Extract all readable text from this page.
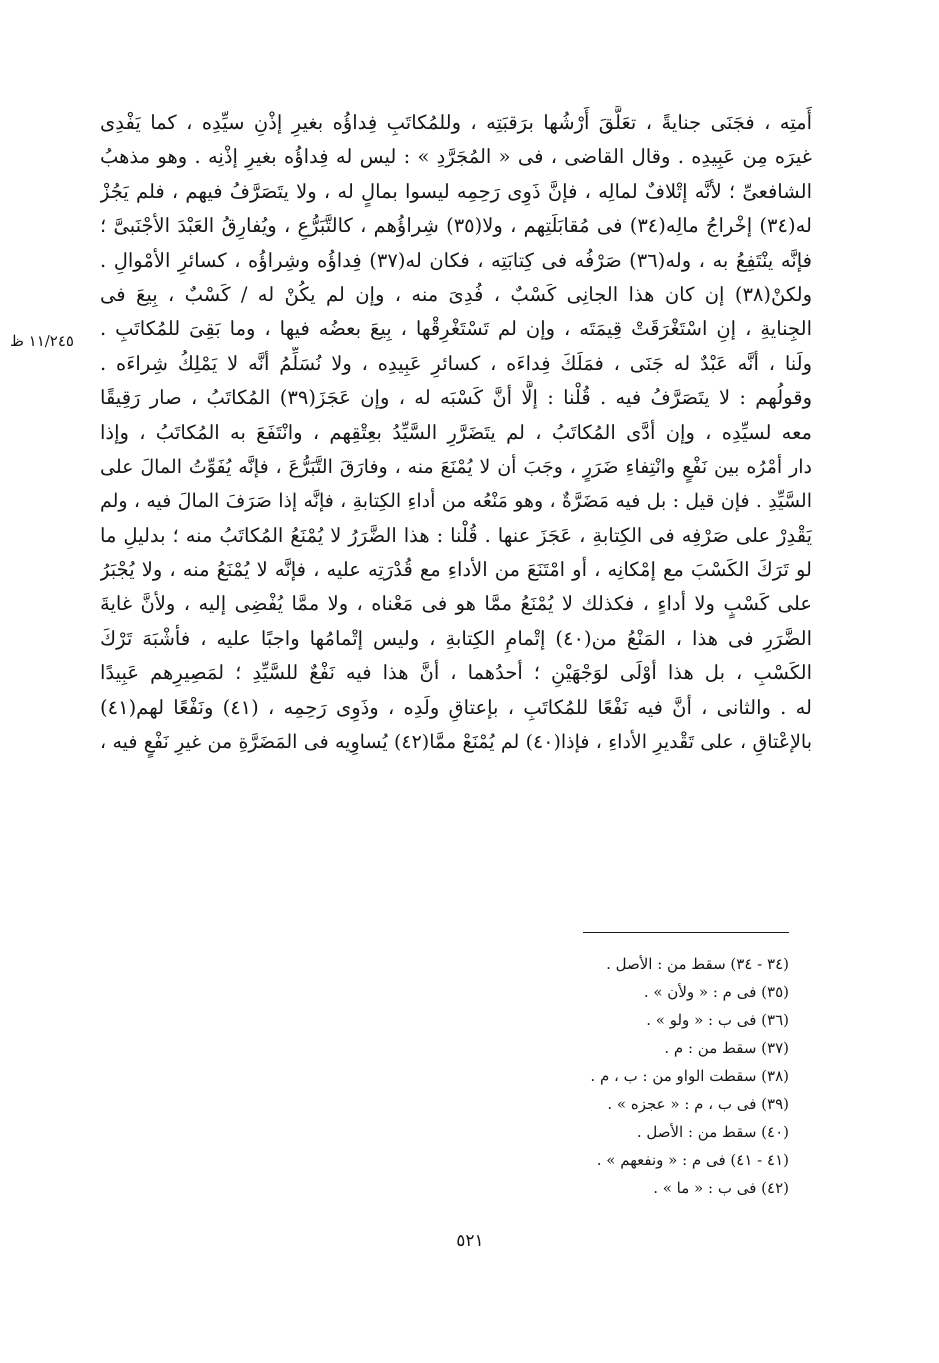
أَمتِه ، فجَنَى جنايةً ، تعَلَّقَ أَرْشُها برَقبَتِه ، وللمُكاتَبِ فِداؤُه بغيرِ إذْنِ سيِّدِه ، كما يَفْدِى
غيرَه مِن عَبِيدِه . وقال القاضى ، فى « المُجَرَّدِ » : ليس له فِداؤُه بغيرِ إذْنِه . وهو مذهبُ
الشافعىِّ ؛ لأنَّه إتْلافٌ لمالِه ، فإنَّ ذَوِى رَحِمِه ليسوا بمالٍ له ، ولا يتَصَرَّفُ فيهم ، فلم يَجُزْ
له(٣٤) إخْراجُ مالِه(٣٤) فى مُقابَلَتِهم ، ولا(٣٥) شِراؤُهم ، كالتَّبَرُّعِ ، ويُفارِقُ العَبْدَ الأجْنَبىَّ ؛
فإنَّه ينْتَفِعُ به ، وله(٣٦) صَرْفُه فى كِتابَتِه ، فكان له(٣٧) فِداؤُه وشِراؤُه ، كسائرِ الأمْوالِ .
ولكنْ(٣٨) إن كان هذا الجانِى كَسْبٌ ، فُدِىَ منه ، وإن لم يكُنْ له / كَسْبٌ ، بِيعَ فى
الجِنايةِ ، إنِ اسْتَغْرَقَتْ قِيمَتَه ، وإن لم تَسْتَغْرِقْها ، بِيعَ بعضُه فيها ، وما بَقِىَ للمُكاتَبِ .
ولَنا ، أنَّه عَبْدٌ له جَنَى ، فمَلَكَ فِداءَه ، كسائرِ عَبِيدِه ، ولا نُسَلِّمُ أنَّه لا يَمْلِكُ شِراءَه .
وقولُهم : لا يتَصَرَّفُ فيه . قُلْنا : إلَّا أنَّ كَسْبَه له ، وإن عَجَزَ(٣٩) المُكاتَبُ ، صار رَقِيقًا
معه لسيِّدِه ، وإن أدَّى المُكاتَبُ ، لم يتَضَرَّرِ السَّيِّدُ بعِتْقِهم ، وانْتَفَعَ به المُكاتَبُ ، وإذا
دار أمْرُه بين نَفْعٍ وانْتِفاءِ ضَرَرٍ ، وجَبَ أن لا يُمْنَعَ منه ، وفارَقَ التَّبَرُّعَ ، فإنَّه يُفَوِّتُ المالَ على
السَّيِّدِ . فإن قيل : بل فيه مَضَرَّةٌ ، وهو مَنْعُه من أداءِ الكِتابةِ ، فإنَّه إذا صَرَفَ المالَ فيه ، ولم
يَقْدِرْ على صَرْفِه فى الكِتابةِ ، عَجَزَ عنها . قُلْنا : هذا الضَّرَرُ لا يُمْنَعُ المُكاتَبُ منه ؛ بدليلِ ما
لو تَرَكَ الكَسْبَ مع إمْكانِه ، أو امْتَنَعَ من الأداءِ مع قُدْرَتِه عليه ، فإنَّه لا يُمْنَعُ منه ، ولا يُجْبَرُ
على كَسْبٍ ولا أداءٍ ، فكذلك لا يُمْنَعُ ممَّا هو فى مَعْناه ، ولا ممَّا يُفْضِى إليه ، ولأنَّ غايةَ
الضَّرَرِ فى هذا ، المَنْعُ من(٤٠) إتْمامِ الكِتابةِ ، وليس إتْمامُها واجبًا عليه ، فأشْبَهَ تَرْكَ
الكَسْبِ ، بل هذا أوْلَى لوَجْهَيْنِ ؛ أحدُهما ، أنَّ هذا فيه نَفْعٌ للسَّيِّدِ ؛ لمَصِيرِهم عَبِيدًا
له . والثانى ، أنَّ فيه نَفْعًا للمُكاتَبِ ، بإعتاقِ ولَدِه ، وذَوِى رَحِمِه ، (٤١) ونَفْعًا لهم(٤١)
بالإعْتاقِ ، على تَقْديرِ الأداءِ ، فإذا(٤٠) لم يُمْنَعْ ممَّا(٤٢) يُساوِيه فى المَضَرَّةِ من غيرِ نَفْعٍ فيه ،
١١/٢٤٥ ظ
(٣٤ - ٣٤) سقط من : الأصل .
(٣٥) فى م : « ولأن » .
(٣٦) فى ب : « ولو » .
(٣٧) سقط من : م .
(٣٨) سقطت الواو من : ب ، م .
(٣٩) فى ب ، م : « عجزه » .
(٤٠) سقط من : الأصل .
(٤١ - ٤١) فى م : « ونفعهم » .
(٤٢) فى ب : « ما » .
٥٢١
